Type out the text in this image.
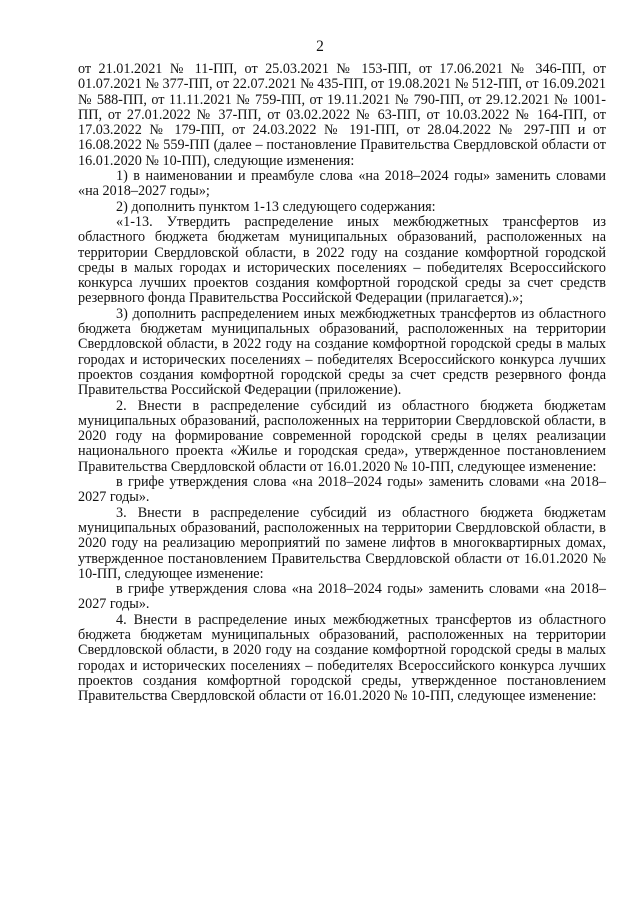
2

от 21.01.2021 № 11-ПП, от 25.03.2021 № 153-ПП, от 17.06.2021 № 346-ПП, от 01.07.2021 № 377-ПП, от 22.07.2021 № 435-ПП, от 19.08.2021 № 512-ПП, от 16.09.2021 № 588-ПП, от 11.11.2021 № 759-ПП, от 19.11.2021 № 790-ПП, от 29.12.2021 № 1001-ПП, от 27.01.2022 № 37-ПП, от 03.02.2022 № 63-ПП, от 10.03.2022 № 164-ПП, от 17.03.2022 № 179-ПП, от 24.03.2022 № 191-ПП, от 28.04.2022 № 297-ПП и от 16.08.2022 № 559-ПП (далее – постановление Правительства Свердловской области от 16.01.2020 № 10-ПП), следующие изменения:

1) в наименовании и преамбуле слова «на 2018–2024 годы» заменить словами «на 2018–2027 годы»;

2) дополнить пунктом 1-13 следующего содержания:

«1-13. Утвердить распределение иных межбюджетных трансфертов из областного бюджета бюджетам муниципальных образований, расположенных на территории Свердловской области, в 2022 году на создание комфортной городской среды в малых городах и исторических поселениях – победителях Всероссийского конкурса лучших проектов создания комфортной городской среды за счет средств резервного фонда Правительства Российской Федерации (прилагается).»;

3) дополнить распределением иных межбюджетных трансфертов из областного бюджета бюджетам муниципальных образований, расположенных на территории Свердловской области, в 2022 году на создание комфортной городской среды в малых городах и исторических поселениях – победителях Всероссийского конкурса лучших проектов создания комфортной городской среды за счет средств резервного фонда Правительства Российской Федерации (приложение).

2. Внести в распределение субсидий из областного бюджета бюджетам муниципальных образований, расположенных на территории Свердловской области, в 2020 году на формирование современной городской среды в целях реализации национального проекта «Жилье и городская среда», утвержденное постановлением Правительства Свердловской области от 16.01.2020 № 10-ПП, следующее изменение:

в грифе утверждения слова «на 2018–2024 годы» заменить словами «на 2018–2027 годы».

3. Внести в распределение субсидий из областного бюджета бюджетам муниципальных образований, расположенных на территории Свердловской области, в 2020 году на реализацию мероприятий по замене лифтов в многоквартирных домах, утвержденное постановлением Правительства Свердловской области от 16.01.2020 № 10-ПП, следующее изменение:

в грифе утверждения слова «на 2018–2024 годы» заменить словами «на 2018–2027 годы».

4. Внести в распределение иных межбюджетных трансфертов из областного бюджета бюджетам муниципальных образований, расположенных на территории Свердловской области, в 2020 году на создание комфортной городской среды в малых городах и исторических поселениях – победителях Всероссийского конкурса лучших проектов создания комфортной городской среды, утвержденное постановлением Правительства Свердловской области от 16.01.2020 № 10-ПП, следующее изменение:
